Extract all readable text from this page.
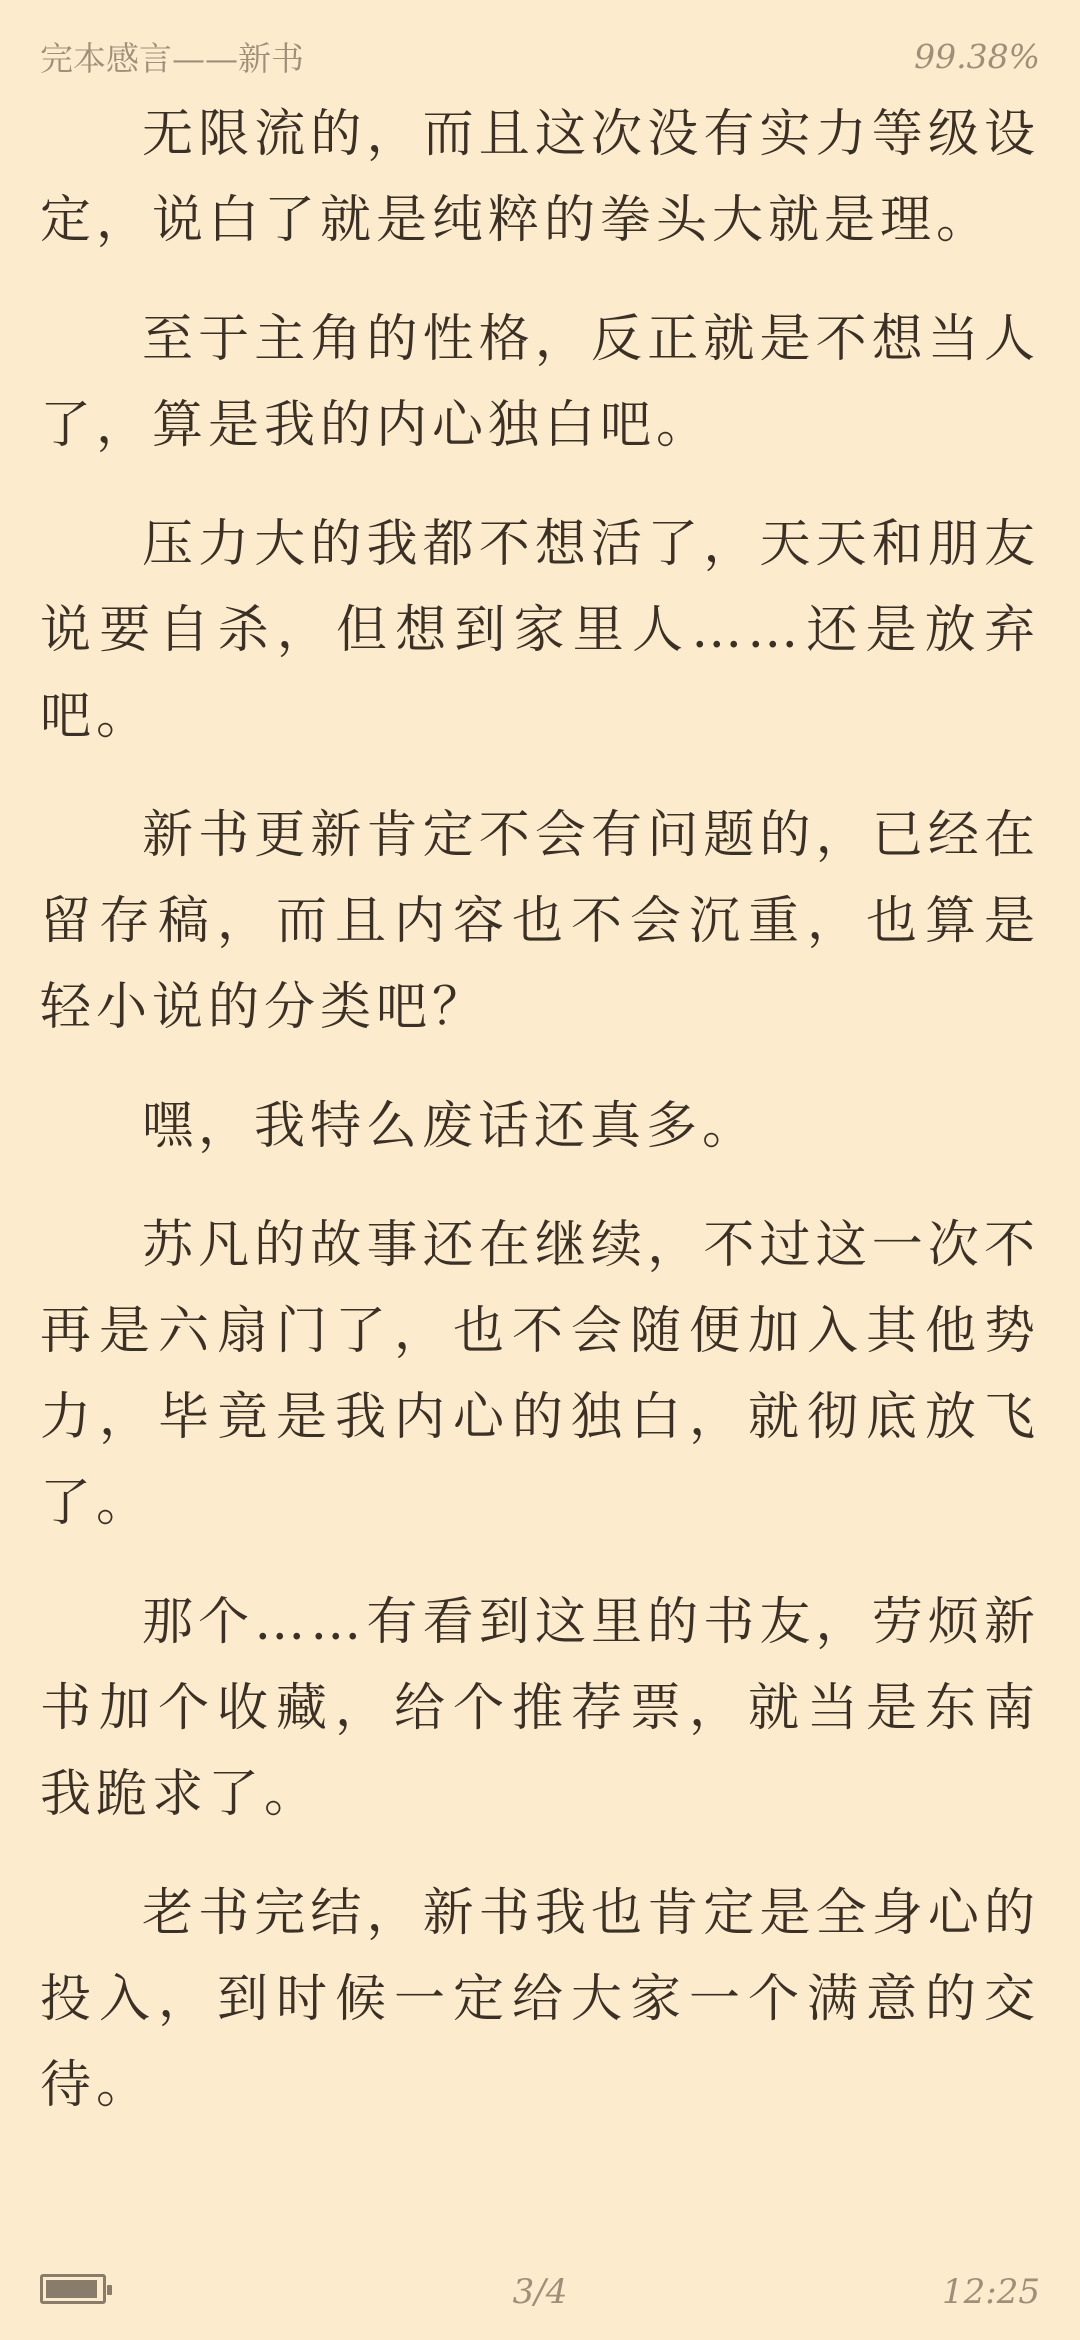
完本感言——新书	99.38%

无限流的，而且这次没有实力等级设定，说白了就是纯粹的拳头大就是理。

至于主角的性格，反正就是不想当人了，算是我的内心独白吧。

压力大的我都不想活了，天天和朋友说要自杀，但想到家里人……还是放弃吧。

新书更新肯定不会有问题的，已经在留存稿，而且内容也不会沉重，也算是轻小说的分类吧？

嘿，我特么废话还真多。

苏凡的故事还在继续，不过这一次不再是六扇门了，也不会随便加入其他势力，毕竟是我内心的独白，就彻底放飞了。

那个……有看到这里的书友，劳烦新书加个收藏，给个推荐票，就当是东南我跪求了。

老书完结，新书我也肯定是全身心的投入，到时候一定给大家一个满意的交待。

3/4	12:25
